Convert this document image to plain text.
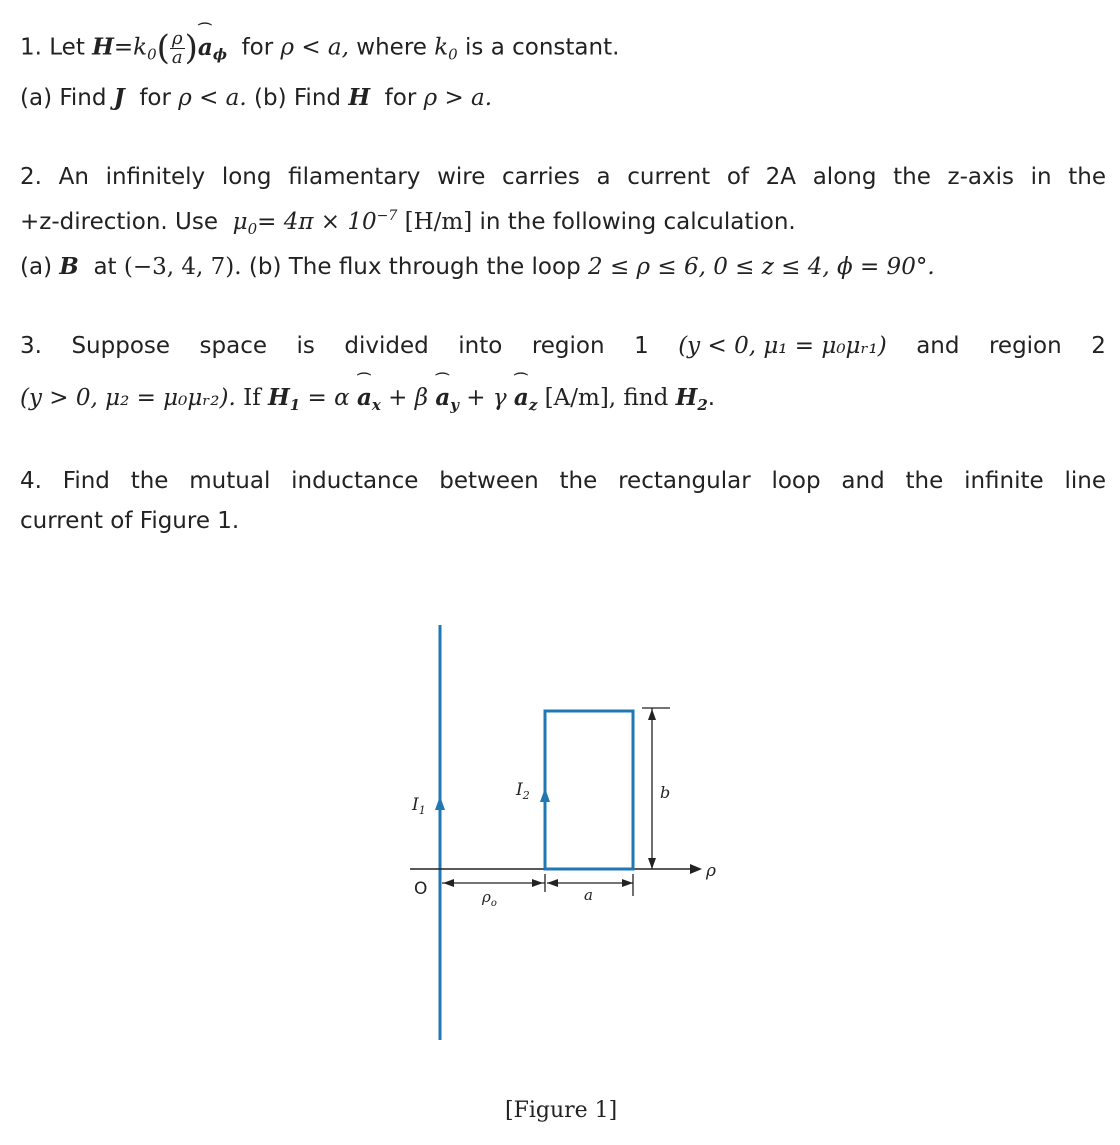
1. Let $H=k_0( \frac{\rho}{a}$ )⌒ $a_\phi$ for ρ < a, where $k_0$ is a constant.
(a) Find J for ρ < a. (b) Find H for ρ > a.
2. An infinitely long filamentary wire carries a current of 2A along the z-axis in the
+z-direction. Use $\mu_0= 4\pi \times 10^{-7}$ [H/m] in the following calculation.
(a) B at (−3, 4, 7). (b) The flux through the loop 2 ≤ ρ ≤ 6, 0 ≤ z ≤ 4, ϕ = 90°.
3. Suppose space is divided into region 1 (y < 0, μ₁ = μ₀μᵣ₁) and region 2
(y > 0, μ₂ = μ₀μᵣ₂). If $H_1 = \alpha$ ⌒ $a_x + \beta$ ⌒ $a_y + \gamma$ ⌒ $a_z$ [A/m], find $H_2$.
4. Find the mutual inductance between the rectangular loop and the infinite line
current of Figure 1.
$I_1$
ρ
$I_2$	b
O	$\rho_o$	a
[Figure 1]
